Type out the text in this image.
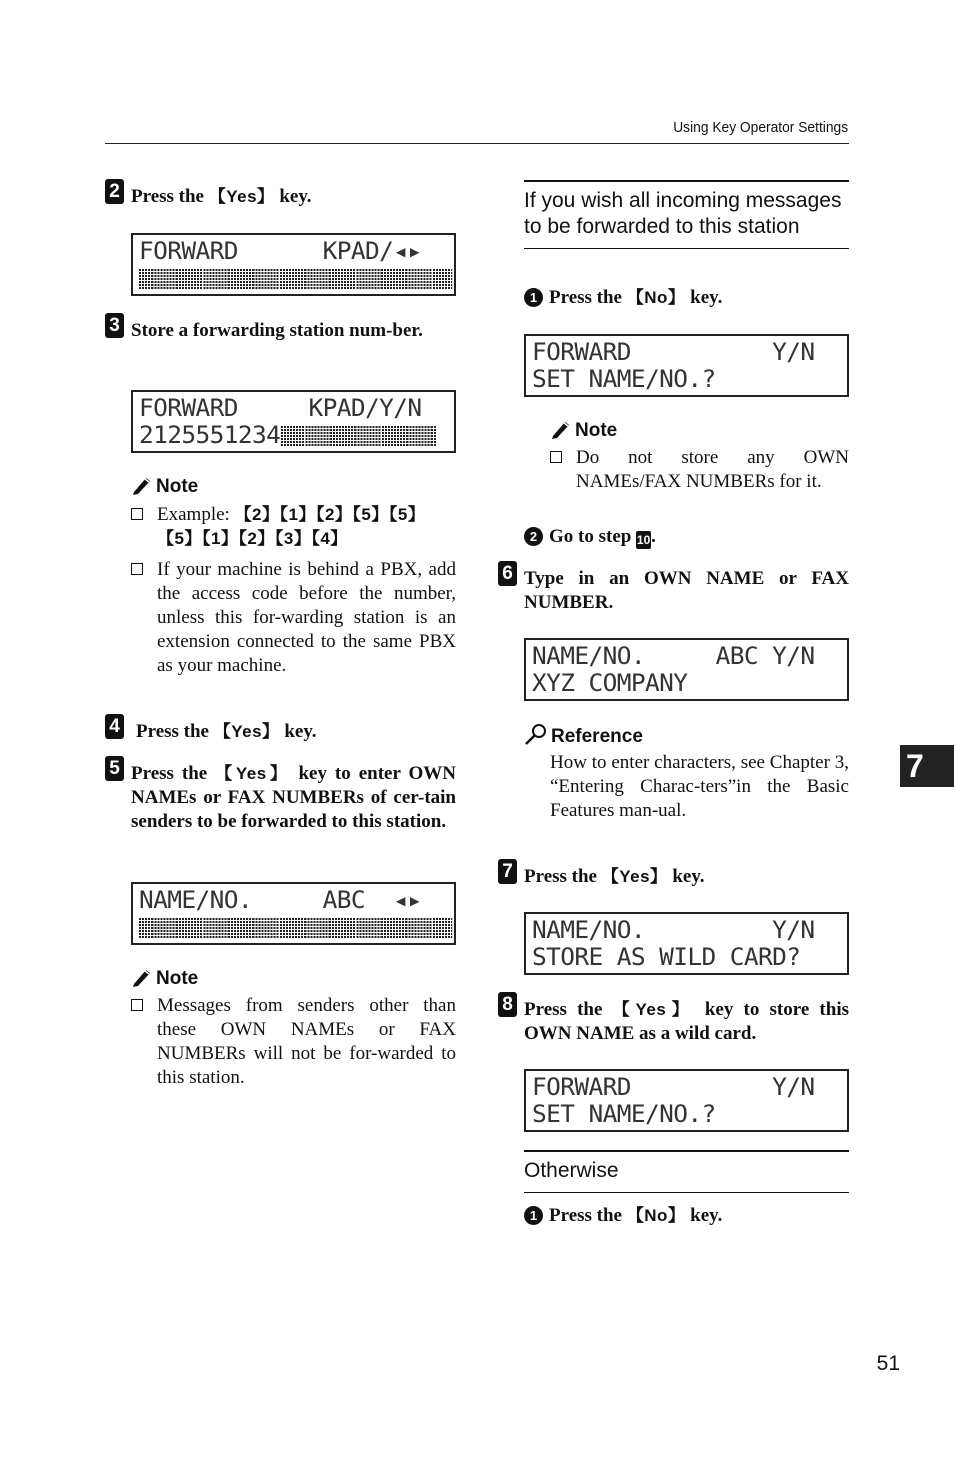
Using Key Operator Settings
2 Press the 【Yes】 key.
FORWARD      KPAD/◂▸
3 Store a forwarding station num-ber.
FORWARD     KPAD/Y/N
2125551234
Note
Example: 【2】【1】【2】【5】【5】
【5】【1】【2】【3】【4】
If your machine is behind a PBX, add the access code before the number, unless this for-warding station is an extension connected to the same PBX as your machine.
4 Press the 【Yes】 key.
5 Press the 【Yes】 key to enter OWN NAMEs or FAX NUMBERs of cer-tain senders to be forwarded to this station.
NAME/NO.     ABC  ◂▸
Note
Messages from senders other than these OWN NAMEs or FAX NUMBERs will not be for-warded to this station.
If you wish all incoming messages to be forwarded to this station
1 Press the 【No】 key.
FORWARD          Y/N
SET NAME/NO.?
Note
Do not store any OWN NAMEs/FAX NUMBERs for it.
2 Go to step 10.
6 Type in an OWN NAME or FAX NUMBER.
NAME/NO.     ABC Y/N
XYZ COMPANY
Reference
How to enter characters, see Chapter 3, “Entering Charac-ters”in the Basic Features man-ual.
7 Press the 【Yes】 key.
NAME/NO.         Y/N
STORE AS WILD CARD?
8 Press the 【Yes】 key to store this OWN NAME as a wild card.
FORWARD          Y/N
SET NAME/NO.?
Otherwise
1 Press the 【No】 key.
7
51
